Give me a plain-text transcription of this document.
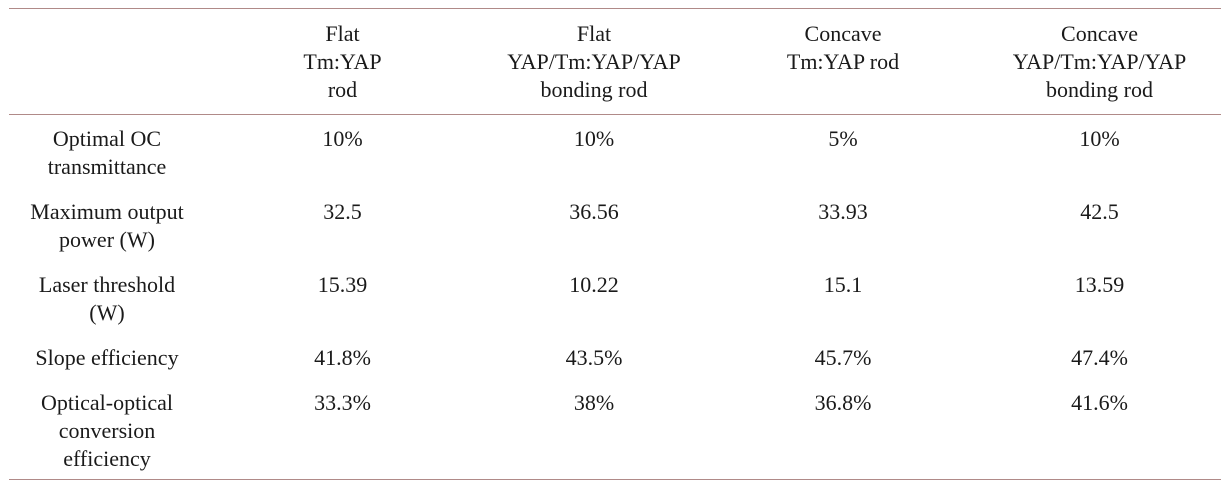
	Flat
Tm:YAP
rod	Flat
YAP/Tm:YAP/YAP
bonding rod	Concave
Tm:YAP rod	Concave
YAP/Tm:YAP/YAP
bonding rod

Optimal OC
transmittance	10%	10%	5%	10%

Maximum output
power (W)	32.5	36.56	33.93	42.5

Laser threshold
(W)	15.39	10.22	15.1	13.59

Slope efficiency	41.8%	43.5%	45.7%	47.4%

Optical-optical
conversion
efficiency	33.3%	38%	36.8%	41.6%
